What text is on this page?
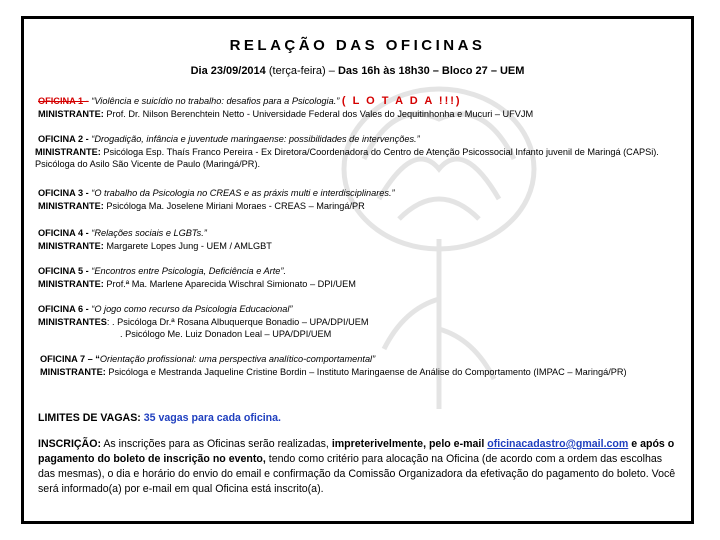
RELAÇÃO DAS OFICINAS
Dia 23/09/2014 (terça-feira) – Das 16h às 18h30 – Bloco 27 – UEM
OFICINA 1 - “Violência e suicídio no trabalho: desafios para a Psicologia.” ( L O T A D A !!!)
MINISTRANTE: Prof. Dr. Nilson Berenchtein Netto - Universidade Federal dos Vales do Jequitinhonha e Mucuri – UFVJM
OFICINA 2 - “Drogadição, infância e juventude maringaense: possibilidades de intervenções.”
MINISTRANTE: Psicóloga Esp. Thaís Franco Pereira - Ex Diretora/Coordenadora do Centro de Atenção Psicossocial Infanto juvenil de Maringá (CAPSi). Psicóloga do Asilo São Vicente de Paulo (Maringá/PR).
OFICINA 3 - “O trabalho da Psicologia no CREAS e as práxis multi e interdisciplinares.”
MINISTRANTE: Psicóloga Ma. Joselene Miriani Moraes - CREAS – Maringá/PR
OFICINA 4 - “Relações sociais e LGBTs.”
MINISTRANTE: Margarete Lopes Jung - UEM / AMLGBT
OFICINA 5 - “Encontros entre Psicologia, Deficiência e Arte”.
MINISTRANTE: Prof.ª Ma. Marlene Aparecida Wischral Simionato – DPI/UEM
OFICINA 6 - “O jogo como recurso da Psicologia Educacional”
MINISTRANTES: . Psicóloga Dr.ª Rosana Albuquerque Bonadio – UPA/DPI/UEM
. Psicólogo Me. Luiz Donadon Leal – UPA/DPI/UEM
OFICINA 7 – “Orientação profissional: uma perspectiva analítico-comportamental”
MINISTRANTE: Psicóloga e Mestranda Jaqueline Cristine Bordin – Instituto Maringaense de Análise do Comportamento (IMPAC – Maringá/PR)
LIMITES DE VAGAS: 35 vagas para cada oficina.
INSCRIÇÃO: As inscrições para as Oficinas serão realizadas, impreterivelmente, pelo e-mail oficinacadastro@gmail.com e após o pagamento do boleto de inscrição no evento, tendo como critério para alocação na Oficina (de acordo com a ordem das escolhas das mesmas), o dia e horário do envio do email e confirmação da Comissão Organizadora da efetivação do pagamento do boleto. Você será informado(a) por e-mail em qual Oficina está inscrito(a).
